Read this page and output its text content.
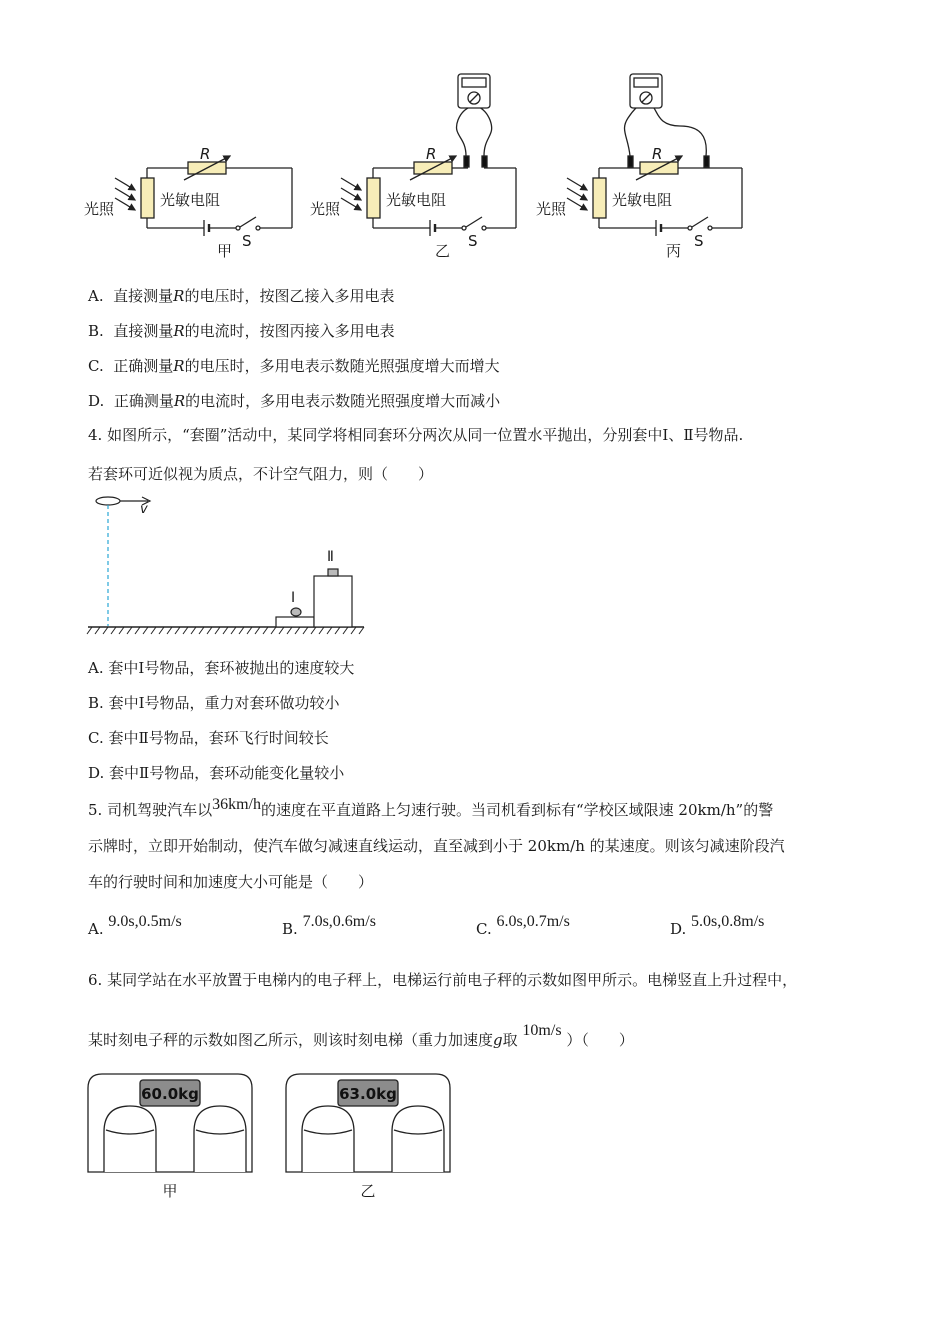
光照	光敏电阻
R
S
甲
光照	光敏电阻
R
S
乙
光照	光敏电阻
R
S
丙
A. 直接测量R的电压时，按图乙接入多用电表
B. 直接测量R的电流时，按图丙接入多用电表
C. 正确测量R的电压时，多用电表示数随光照强度增大而增大
D. 正确测量R的电流时，多用电表示数随光照强度增大而减小
4. 如图所示，“套圈”活动中，某同学将相同套环分两次从同一位置水平抛出，分别套中Ⅰ、Ⅱ号物品.
若套环可近似视为质点，不计空气阻力，则（　　）
v
Ⅰ
Ⅱ
A. 套中Ⅰ号物品，套环被抛出的速度较大
B. 套中Ⅰ号物品，重力对套环做功较小
C. 套中Ⅱ号物品，套环飞行时间较长
D. 套中Ⅱ号物品，套环动能变化量较小
5. 司机驾驶汽车以36km/h的速度在平直道路上匀速行驶。当司机看到标有“学校区域限速 20km/h”的警
示牌时，立即开始制动，使汽车做匀减速直线运动，直至减到小于 20km/h 的某速度。则该匀减速阶段汽
车的行驶时间和加速度大小可能是（　　）
A. 9.0s,0.5m/s	B. 7.0s,0.6m/s	C. 6.0s,0.7m/s	D. 5.0s,0.8m/s
6. 某同学站在水平放置于电梯内的电子秤上，电梯运行前电子秤的示数如图甲所示。电梯竖直上升过程中，
某时刻电子秤的示数如图乙所示，则该时刻电梯（重力加速度g取 10m/s ）（　　）
60.0kg	63.0kg
甲	乙
